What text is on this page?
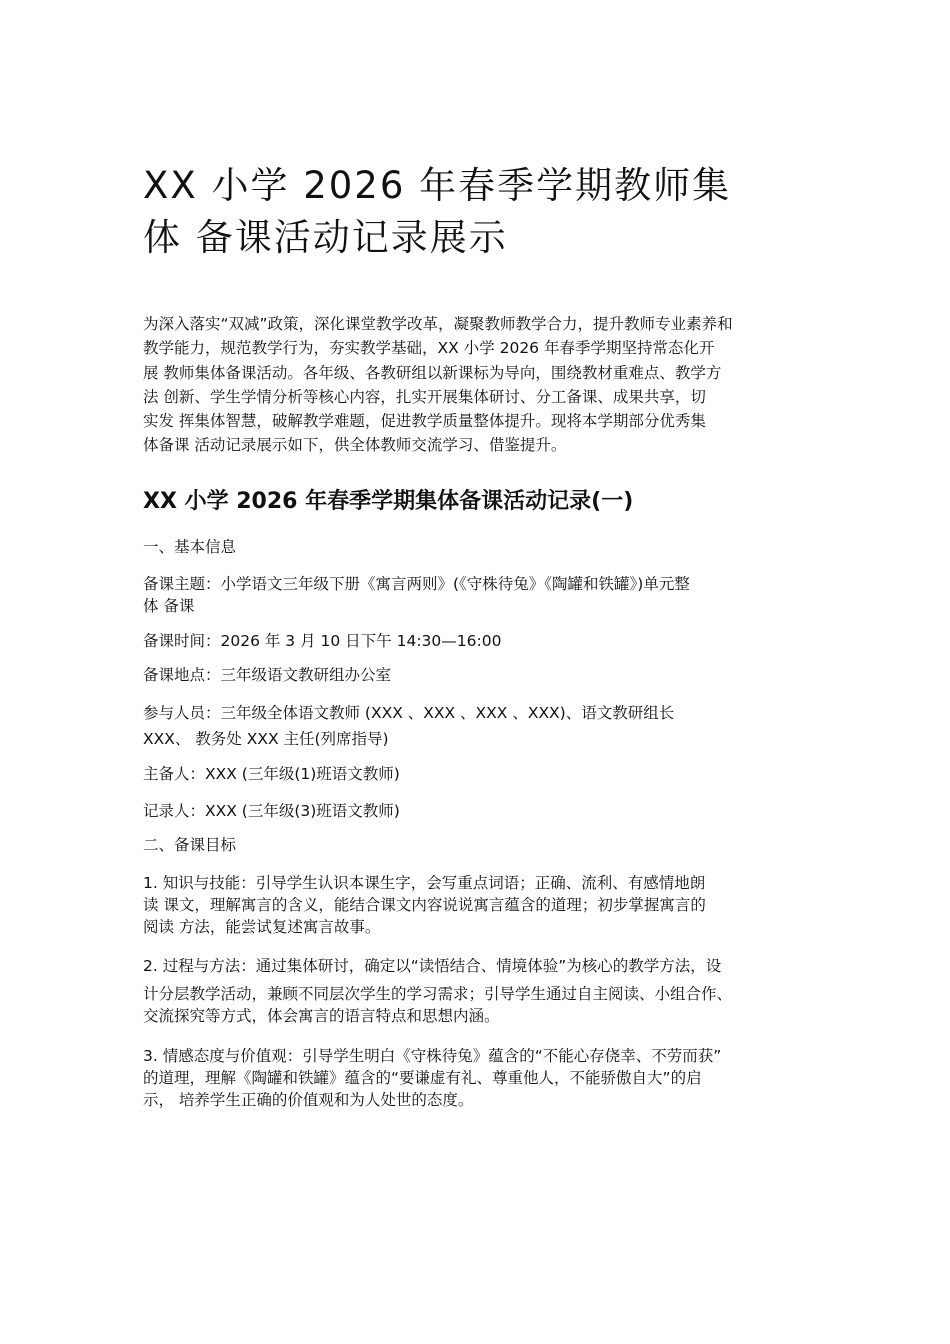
XX 小学 2026 年春季学期教师集
体 备课活动记录展示
为深入落实“双减”政策，深化课堂教学改革，凝聚教师教学合力，提升教师专业素养和
教学能力，规范教学行为，夯实教学基础，XX 小学 2026 年春季学期坚持常态化开
展 教师集体备课活动。各年级、各教研组以新课标为导向，围绕教材重难点、教学方
法 创新、学生学情分析等核心内容，扎实开展集体研讨、分工备课、成果共享，切
实发 挥集体智慧，破解教学难题，促进教学质量整体提升。现将本学期部分优秀集
体备课 活动记录展示如下，供全体教师交流学习、借鉴提升。
XX 小学 2026 年春季学期集体备课活动记录(一)
一、基本信息
备课主题：小学语文三年级下册《寓言两则》(《守株待兔》《陶罐和铁罐》)单元整
体 备课
备课时间：2026 年 3 月 10 日下午 14:30—16:00
备课地点：三年级语文教研组办公室
参与人员：三年级全体语文教师 (XXX 、XXX 、XXX 、XXX)、语文教研组长
XXX、 教务处 XXX 主任(列席指导)
主备人：XXX (三年级(1)班语文教师)
记录人：XXX (三年级(3)班语文教师)
二、备课目标
1. 知识与技能：引导学生认识本课生字，会写重点词语；正确、流利、有感情地朗
读 课文，理解寓言的含义，能结合课文内容说说寓言蕴含的道理；初步掌握寓言的
阅读 方法，能尝试复述寓言故事。
2. 过程与方法：通过集体研讨，确定以“读悟结合、情境体验”为核心的教学方法，设
计分层教学活动，兼顾不同层次学生的学习需求；引导学生通过自主阅读、小组合作、
交流探究等方式，体会寓言的语言特点和思想内涵。
3. 情感态度与价值观：引导学生明白《守株待兔》蕴含的“不能心存侥幸、不劳而获”
的道理，理解《陶罐和铁罐》蕴含的“要谦虚有礼、尊重他人，不能骄傲自大”的启
示， 培养学生正确的价值观和为人处世的态度。
